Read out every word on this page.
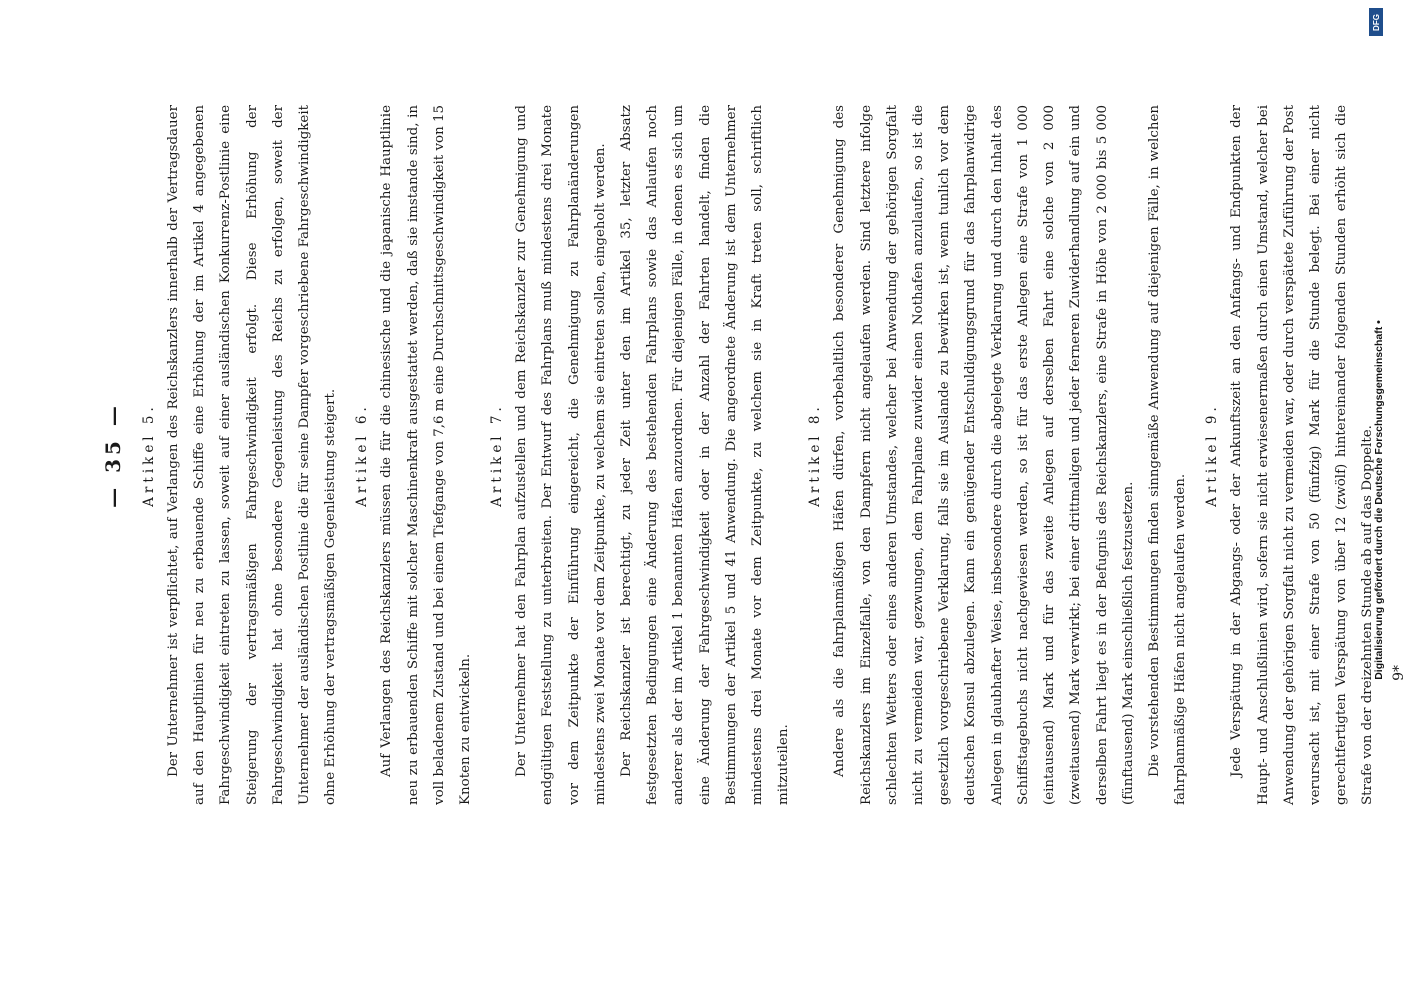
— 35 —	Artikel 5. Der Unternehmer ist verpflichtet, auf Verlangen des Reichskanzlers innerhalb der Vertragsdauer auf den Hauptlinien für neu zu erbauende Schiffe eine Erhöhung der im Artikel 4 angegebenen Fahrgeschwindigkeit eintreten zu lassen, soweit auf einer ausländischen Konkurrenz-Postlinie eine Steigerung der vertragsmäßigen Fahrgeschwindigkeit erfolgt. Diese Erhöhung der Fahrgeschwindigkeit hat ohne besondere Gegenleistung des Reichs zu erfolgen, soweit der Unternehmer der ausländischen Postlinie die für seine Dampfer vorgeschriebene Fahrgeschwindigkeit ohne Erhöhung der vertragsmäßigen Gegenleistung steigert.	Artikel 6. Auf Verlangen des Reichskanzlers müssen die für die chinesische und die japanische Hauptlinie neu zu erbauenden Schiffe mit solcher Maschinenkraft ausgestattet werden, daß sie imstande sind, in voll beladenem Zustand und bei einem Tiefgange von 7,6 m eine Durchschnittsgeschwindigkeit von 15 Knoten zu entwickeln.

Artikel 7. Der Unternehmer hat den Fahrplan aufzustellen und dem Reichskanzler zur Genehmigung und endgültigen Feststellung zu unterbreiten. Der Entwurf des Fahrplans muß mindestens drei Monate vor dem Zeitpunkte der Einführung eingereicht, die Genehmigung zu Fahrplanänderungen mindestens zwei Monate vor dem Zeitpunkte, zu welchem sie eintreten sollen, eingeholt werden. Der Reichskanzler ist berechtigt, zu jeder Zeit unter den im Artikel 35, letzter Absatz festgesetzten Bedingungen eine Änderung des bestehenden Fahrplans sowie das Anlaufen noch anderer als der im Artikel 1 benannten Häfen anzuordnen. Für diejenigen Fälle, in denen es sich um eine Änderung der Fahrgeschwindigkeit oder in der Anzahl der Fahrten handelt, finden die Bestimmungen der Artikel 5 und 41 Anwendung. Die angeordnete Änderung ist dem Unternehmer mindestens drei Monate vor dem Zeitpunkte, zu welchem sie in Kraft treten soll, schriftlich mitzuteilen.

Artikel 8. Andere als die fahrplanmäßigen Häfen dürfen, vorbehaltlich besonderer Genehmigung des Reichskanzlers im Einzelfalle, von den Dampfern nicht angelaufen werden. Sind letztere infolge schlechten Wetters oder eines anderen Umstandes, welcher bei Anwendung der gehörigen Sorgfalt nicht zu vermeiden war, gezwungen, dem Fahrplane zuwider einen Nothafen anzulaufen, so ist die gesetzlich vorgeschriebene Verklarung, falls sie im Auslande zu bewirken ist, wenn tunlich vor dem deutschen Konsul abzulegen. Kann ein genügender Entschuldigungsgrund für das fahrplanwidrige Anlegen in glaubhafter Weise, insbesondere durch die abgelegte Verklarung und durch den Inhalt des Schiffstagebuchs nicht nachgewiesen werden, so ist für das erste Anlegen eine Strafe von 1 000 (eintausend) Mark und für das zweite Anlegen auf derselben Fahrt eine solche von 2 000 (zweitausend) Mark verwirkt; bei einer drittmaligen und jeder ferneren Zuwiderhandlung auf ein und derselben Fahrt liegt es in der Befugnis des Reichskanzlers, eine Strafe in Höhe von 2 000 bis 5 000 (fünftausend) Mark einschließlich festzusetzen. Die vorstehenden Bestimmungen finden sinngemäße Anwendung auf diejenigen Fälle, in welchen fahrplanmäßige Häfen nicht angelaufen werden.

Artikel 9. Jede Verspätung in der Abgangs- oder der Ankunftszeit an den Anfangs- und Endpunkten der Haupt- und Anschlußlinien wird, sofern sie nicht erwiesenermaßen durch einen Umstand, welcher bei Anwendung der gehörigen Sorgfalt nicht zu vermeiden war, oder durch verspätete Zuführung der Post verursacht ist, mit einer Strafe von 50 (fünfzig) Mark für die Stunde belegt. Bei einer nicht gerechtfertigten Verspätung von über 12 (zwölf) hintereinander folgenden Stunden erhöht sich die Strafe von der dreizehnten Stunde ab auf das Doppelte.	9*
DFG
Digitalisierung gefördert durch die Deutsche Forschungsgemeinschaft •
